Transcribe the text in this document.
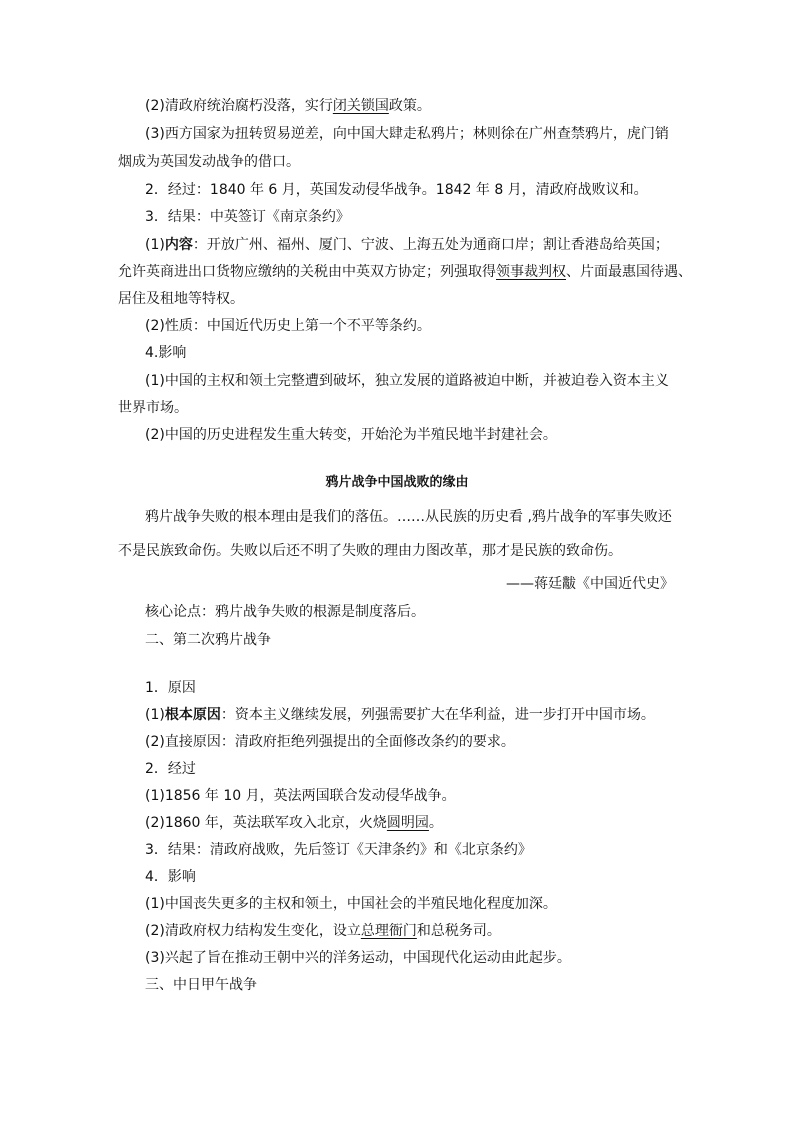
(2)清政府统治腐朽没落，实行闭关锁国政策。
(3)西方国家为扭转贸易逆差，向中国大肆走私鸦片；林则徐在广州查禁鸦片，虎门销
烟成为英国发动战争的借口。
2．经过：1840 年 6 月，英国发动侵华战争。1842 年 8 月，清政府战败议和。
3．结果：中英签订《南京条约》
(1)内容：开放广州、福州、厦门、宁波、上海五处为通商口岸；割让香港岛给英国；
允许英商进出口货物应缴纳的关税由中英双方协定；列强取得领事裁判权、片面最惠国待遇、
居住及租地等特权。
(2)性质：中国近代历史上第一个不平等条约。
4.影响
(1)中国的主权和领土完整遭到破坏，独立发展的道路被迫中断，并被迫卷入资本主义
世界市场。
(2)中国的历史进程发生重大转变，开始沦为半殖民地半封建社会。
鸦片战争中国战败的缘由
鸦片战争失败的根本理由是我们的落伍。……从民族的历史看 ,鸦片战争的军事失败还
不是民族致命伤。失败以后还不明了失败的理由力图改革，那才是民族的致命伤。
——蒋廷黻《中国近代史》
核心论点：鸦片战争失败的根源是制度落后。
二、第二次鸦片战争
1．原因
(1)根本原因：资本主义继续发展，列强需要扩大在华利益，进一步打开中国市场。
(2)直接原因：清政府拒绝列强提出的全面修改条约的要求。
2．经过
(1)1856 年 10 月，英法两国联合发动侵华战争。
(2)1860 年，英法联军攻入北京，火烧圆明园。
3．结果：清政府战败，先后签订《天津条约》和《北京条约》
4．影响
(1)中国丧失更多的主权和领土，中国社会的半殖民地化程度加深。
(2)清政府权力结构发生变化，设立总理衙门和总税务司。
(3)兴起了旨在推动王朝中兴的洋务运动，中国现代化运动由此起步。
三、中日甲午战争
